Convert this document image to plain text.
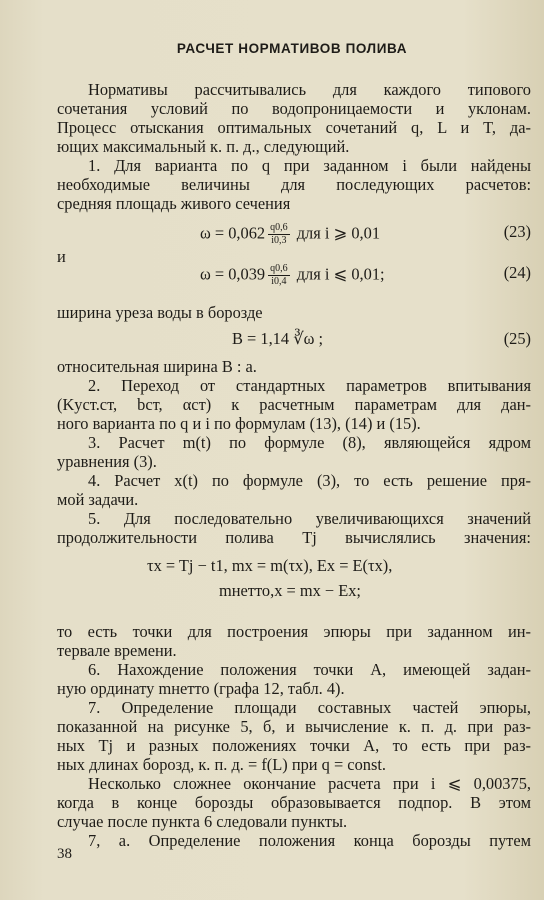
РАСЧЕТ НОРМАТИВОВ ПОЛИВА
Нормативы рассчитывались для каждого типового
сочетания условий по водопроницаемости и уклонам.
Процесс отыскания оптимальных сочетаний q, L и T, да-
ющих максимальный к. п. д., следующий.
1. Для варианта по q при заданном i были найдены
необходимые величины для последующих расчетов:
средняя площадь живого сечения
$\omega = 0,062 \frac{q0,6}{i0,3}$ для i ⩾ 0,01	(23)
и
$\omega = 0,039 \frac{q0,6}{i0,4}$ для i ⩽ 0,01;	(24)
ширина уреза воды в борозде
B = 1,14 ∛ω ;	(25)
относительная ширина B : a.
2. Переход от стандартных параметров впитывания
(Kуст.ст, bст, αст) к расчетным параметрам для дан-
ного варианта по q и i по формулам (13), (14) и (15).
3. Расчет m(t) по формуле (8), являющейся ядром
уравнения (3).
4. Расчет x(t) по формуле (3), то есть решение пря-
мой задачи.
5. Для последовательно увеличивающихся значений
продолжительности полива Tj вычислялись значения:
τx = Tj − t1, mx = m(τx), Ex = E(τx),
mнетто,x = mx − Ex;
то есть точки для построения эпюры при заданном ин-
тервале времени.
6. Нахождение положения точки A, имеющей задан-
ную ординату mнетто (графа 12, табл. 4).
7. Определение площади составных частей эпюры,
показанной на рисунке 5, б, и вычисление к. п. д. при раз-
ных Tj и разных положениях точки A, то есть при раз-
ных длинах борозд, к. п. д. = f(L) при q = const.
Несколько сложнее окончание расчета при i ⩽ 0,00375,
когда в конце борозды образовывается подпор. В этом
случае после пункта 6 следовали пункты.
7, а. Определение положения конца борозды путем
38
